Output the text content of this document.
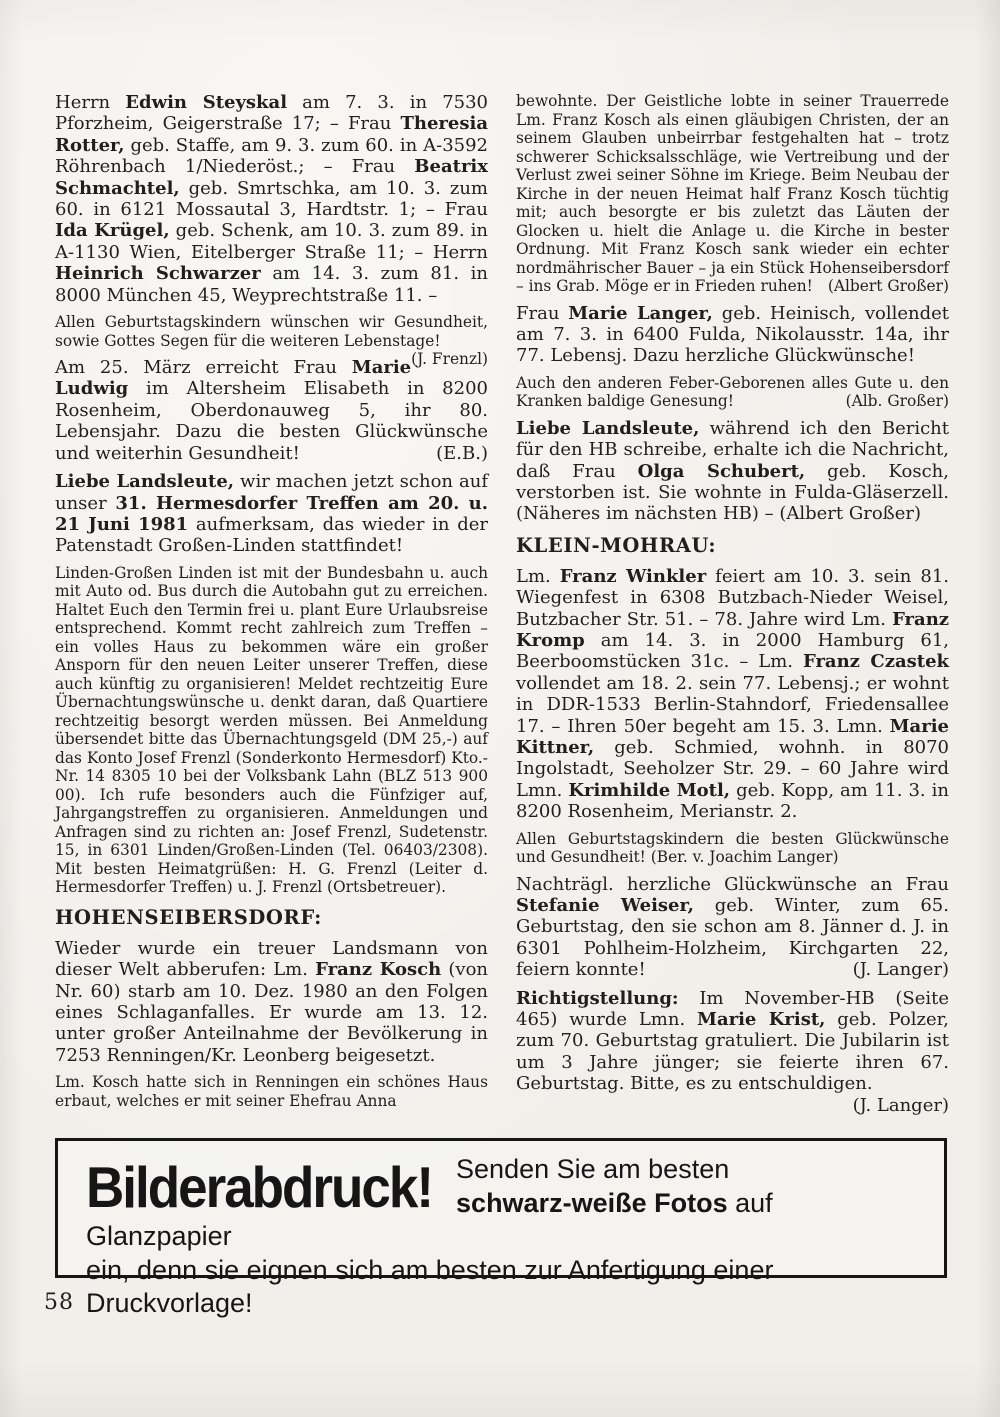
Herrn Edwin Steyskal am 7. 3. in 7530 Pforzheim, Geigerstraße 17; – Frau Theresia Rotter, geb. Staffe, am 9. 3. zum 60. in A-3592 Röhrenbach 1/Niederöst.; – Frau Beatrix Schmachtel, geb. Smrtschka, am 10. 3. zum 60. in 6121 Mossautal 3, Hardtstr. 1; – Frau Ida Krügel, geb. Schenk, am 10. 3. zum 89. in A-1130 Wien, Eitelberger Straße 11; – Herrn Heinrich Schwarzer am 14. 3. zum 81. in 8000 München 45, Weyprechtstraße 11. –

Allen Geburtstagskindern wünschen wir Gesundheit, sowie Gottes Segen für die weiteren Lebenstage!
(J. Frenzl)

Am 25. März erreicht Frau Marie Ludwig im Altersheim Elisabeth in 8200 Rosenheim, Oberdonauweg 5, ihr 80. Lebensjahr. Dazu die besten Glückwünsche und weiterhin Gesundheit!	(E.B.)

Liebe Landsleute, wir machen jetzt schon auf unser 31. Hermesdorfer Treffen am 20. u. 21 Juni 1981 aufmerksam, das wieder in der Patenstadt Großen-Linden stattfindet!

Linden-Großen Linden ist mit der Bundesbahn u. auch mit Auto od. Bus durch die Autobahn gut zu erreichen. Haltet Euch den Termin frei u. plant Eure Urlaubsreise entsprechend. Kommt recht zahlreich zum Treffen – ein volles Haus zu bekommen wäre ein großer Ansporn für den neuen Leiter unserer Treffen, diese auch künftig zu organisieren! Meldet rechtzeitig Eure Übernachtungswünsche u. denkt daran, daß Quartiere rechtzeitig besorgt werden müssen. Bei Anmeldung übersendet bitte das Übernachtungsgeld (DM 25,-) auf das Konto Josef Frenzl (Sonderkonto Hermesdorf) Kto.-Nr. 14 8305 10 bei der Volksbank Lahn (BLZ 513 900 00). Ich rufe besonders auch die Fünfziger auf, Jahrgangstreffen zu organisieren. Anmeldungen und Anfragen sind zu richten an: Josef Frenzl, Sudetenstr. 15, in 6301 Linden/Großen-Linden (Tel. 06403/2308). Mit besten Heimatgrüßen: H. G. Frenzl (Leiter d. Hermesdorfer Treffen) u. J. Frenzl (Ortsbetreuer).

HOHENSEIBERSDORF:

Wieder wurde ein treuer Landsmann von dieser Welt abberufen: Lm. Franz Kosch (von Nr. 60) starb am 10. Dez. 1980 an den Folgen eines Schlaganfalles. Er wurde am 13. 12. unter großer Anteilnahme der Bevölkerung in 7253 Renningen/Kr. Leonberg beigesetzt.

Lm. Kosch hatte sich in Renningen ein schönes Haus erbaut, welches er mit seiner Ehefrau Anna

bewohnte. Der Geistliche lobte in seiner Trauerrede Lm. Franz Kosch als einen gläubigen Christen, der an seinem Glauben unbeirrbar festgehalten hat – trotz schwerer Schicksalsschläge, wie Vertreibung und der Verlust zwei seiner Söhne im Kriege. Beim Neubau der Kirche in der neuen Heimat half Franz Kosch tüchtig mit; auch besorgte er bis zuletzt das Läuten der Glocken u. hielt die Anlage u. die Kirche in bester Ordnung. Mit Franz Kosch sank wieder ein echter nordmährischer Bauer – ja ein Stück Hohenseibersdorf – ins Grab. Möge er in Frieden ruhen! (Albert Großer)

Frau Marie Langer, geb. Heinisch, vollendet am 7. 3. in 6400 Fulda, Nikolausstr. 14a, ihr 77. Lebensj. Dazu herzliche Glückwünsche!

Auch den anderen Feber-Geborenen alles Gute u. den Kranken baldige Genesung!	(Alb. Großer)

Liebe Landsleute, während ich den Bericht für den HB schreibe, erhalte ich die Nachricht, daß Frau Olga Schubert, geb. Kosch, verstorben ist. Sie wohnte in Fulda-Gläserzell. (Näheres im nächsten HB) – (Albert Großer)

KLEIN-MOHRAU:

Lm. Franz Winkler feiert am 10. 3. sein 81. Wiegenfest in 6308 Butzbach-Nieder Weisel, Butzbacher Str. 51. – 78. Jahre wird Lm. Franz Kromp am 14. 3. in 2000 Hamburg 61, Beerboomstücken 31c. – Lm. Franz Czastek vollendet am 18. 2. sein 77. Lebensj.; er wohnt in DDR-1533 Berlin-Stahndorf, Friedensallee 17. – Ihren 50er begeht am 15. 3. Lmn. Marie Kittner, geb. Schmied, wohnh. in 8070 Ingolstadt, Seeholzer Str. 29. – 60 Jahre wird Lmn. Krimhilde Motl, geb. Kopp, am 11. 3. in 8200 Rosenheim, Merianstr. 2.

Allen Geburtstagskindern die besten Glückwünsche und Gesundheit! (Ber. v. Joachim Langer)

Nachträgl. herzliche Glückwünsche an Frau Stefanie Weiser, geb. Winter, zum 65. Geburtstag, den sie schon am 8. Jänner d. J. in 6301 Pohlheim-Holzheim, Kirchgarten 22, feiern konnte!	(J. Langer)

Richtigstellung: Im November-HB (Seite 465) wurde Lmn. Marie Krist, geb. Polzer, zum 70. Geburtstag gratuliert. Die Jubilarin ist um 3 Jahre jünger; sie feierte ihren 67. Geburtstag. Bitte, es zu entschuldigen.
(J. Langer)

Bilderabdruck! Senden Sie am besten
schwarz-weiße Fotos auf Glanzpapier
ein, denn sie eignen sich am besten zur Anfertigung einer
Druckvorlage!
58
